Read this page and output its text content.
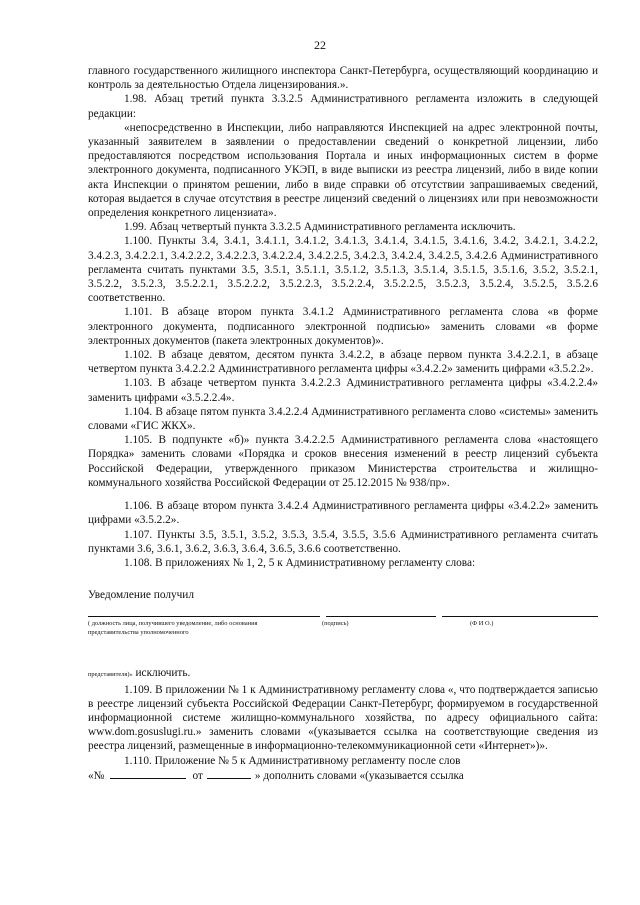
22

главного государственного жилищного инспектора Санкт-Петербурга, осуществляющий координацию и контроль за деятельностью Отдела лицензирования.».

1.98. Абзац третий пункта 3.3.2.5 Административного регламента изложить в следующей редакции:

«непосредственно в Инспекции, либо направляются Инспекцией на адрес электронной почты, указанный заявителем в заявлении о предоставлении сведений о конкретной лицензии, либо предоставляются посредством использования Портала и иных информационных систем в форме электронного документа, подписанного УКЭП, в виде выписки из реестра лицензий, либо в виде копии акта Инспекции о принятом решении, либо в виде справки об отсутствии запрашиваемых сведений, которая выдается в случае отсутствия в реестре лицензий сведений о лицензиях или при невозможности определения конкретного лицензиата».

1.99. Абзац четвертый пункта 3.3.2.5 Административного регламента исключить.

1.100. Пункты 3.4, 3.4.1, 3.4.1.1, 3.4.1.2, 3.4.1.3, 3.4.1.4, 3.4.1.5, 3.4.1.6, 3.4.2, 3.4.2.1, 3.4.2.2, 3.4.2.3, 3.4.2.2.1, 3.4.2.2.2, 3.4.2.2.3, 3.4.2.2.4, 3.4.2.2.5, 3.4.2.3, 3.4.2.4, 3.4.2.5, 3.4.2.6 Административного регламента считать пунктами 3.5, 3.5.1, 3.5.1.1, 3.5.1.2, 3.5.1.3, 3.5.1.4, 3.5.1.5, 3.5.1.6, 3.5.2, 3.5.2.1, 3.5.2.2, 3.5.2.3, 3.5.2.2.1, 3.5.2.2.2, 3.5.2.2.3, 3.5.2.2.4, 3.5.2.2.5, 3.5.2.3, 3.5.2.4, 3.5.2.5, 3.5.2.6 соответственно.

1.101. В абзаце втором пункта 3.4.1.2 Административного регламента слова «в форме электронного документа, подписанного электронной подписью» заменить словами «в форме электронных документов (пакета электронных документов)».

1.102. В абзаце девятом, десятом пункта 3.4.2.2, в абзаце первом пункта 3.4.2.2.1, в абзаце четвертом пункта 3.4.2.2.2 Административного регламента цифры «3.4.2.2» заменить цифрами «3.5.2.2».

1.103. В абзаце четвертом пункта 3.4.2.2.3 Административного регламента цифры «3.4.2.2.4» заменить цифрами «3.5.2.2.4».

1.104. В абзаце пятом пункта 3.4.2.2.4 Административного регламента слово «системы» заменить словами «ГИС ЖКХ».

1.105. В подпункте «б)» пункта 3.4.2.2.5 Административного регламента слова «настоящего Порядка» заменить словами «Порядка и сроков внесения изменений в реестр лицензий субъекта Российской Федерации, утвержденного приказом Министерства строительства и жилищно-коммунального хозяйства Российской Федерации от 25.12.2015 № 938/пр».

1.106. В абзаце втором пункта 3.4.2.4 Административного регламента цифры «3.4.2.2» заменить цифрами «3.5.2.2».

1.107. Пункты 3.5, 3.5.1, 3.5.2, 3.5.3, 3.5.4, 3.5.5, 3.5.6 Административного регламента считать пунктами 3.6, 3.6.1, 3.6.2, 3.6.3, 3.6.4, 3.6.5, 3.6.6 соответственно.

1.108. В приложениях № 1, 2, 5 к Административному регламенту слова:

Уведомление получил
( должность лица, получившего уведомление, либо основания представительства уполномоченного
(подпись)	(Ф И О.)
представителя)» исключить.

1.109. В приложении № 1 к Административному регламенту слова «, что подтверждается записью в реестре лицензий субъекта Российской Федерации Санкт-Петербург, формируемом в государственной информационной системе жилищно-коммунального хозяйства, по адресу официального сайта: www.dom.gosuslugi.ru.» заменить словами «(указывается ссылка на соответствующие сведения из реестра лицензий, размещенные в информационно-телекоммуникационной сети «Интернет»)».

1.110. Приложение № 5 к Административному регламенту после слов

«№	от	» дополнить словами «(указывается ссылка
